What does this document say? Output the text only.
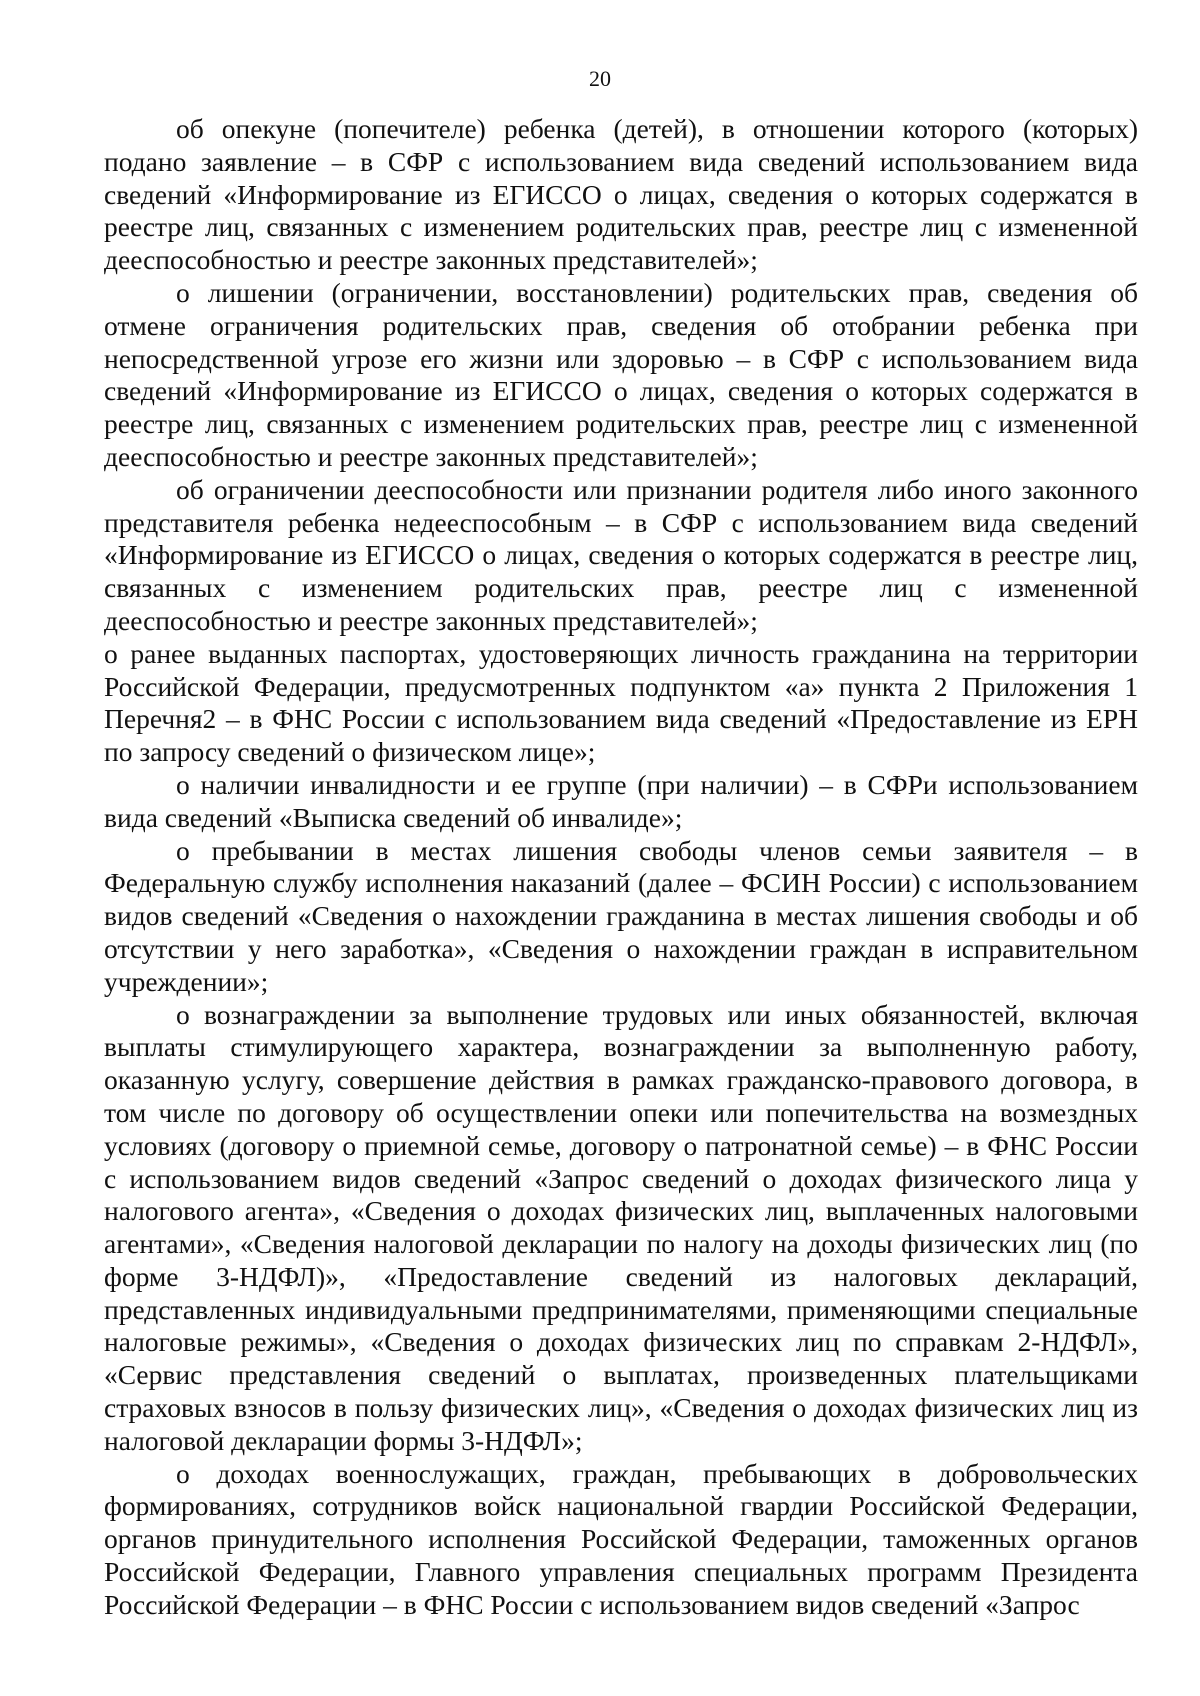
20

об опекуне (попечителе) ребенка (детей), в отношении которого (которых) подано заявление – в СФР с использованием вида сведений использованием вида сведений «Информирование из ЕГИССО о лицах, сведения о которых содержатся в реестре лиц, связанных с изменением родительских прав, реестре лиц с измененной дееспособностью и реестре законных представителей»;

о лишении (ограничении, восстановлении) родительских прав, сведения об отмене ограничения родительских прав, сведения об отобрании ребенка при непосредственной угрозе его жизни или здоровью – в СФР с использованием вида сведений «Информирование из ЕГИССО о лицах, сведения о которых содержатся в реестре лиц, связанных с изменением родительских прав, реестре лиц с измененной дееспособностью и реестре законных представителей»;

об ограничении дееспособности или признании родителя либо иного законного представителя ребенка недееспособным – в СФР с использованием вида сведений «Информирование из ЕГИССО о лицах, сведения о которых содержатся в реестре лиц, связанных с изменением родительских прав, реестре лиц с измененной дееспособностью и реестре законных представителей»;

о ранее выданных паспортах, удостоверяющих личность гражданина на территории Российской Федерации, предусмотренных подпунктом «а» пункта 2 Приложения 1 Перечня2 – в ФНС России с использованием вида сведений «Предоставление из ЕРН по запросу сведений о физическом лице»;

о наличии инвалидности и ее группе (при наличии) – в СФРи использованием вида сведений «Выписка сведений об инвалиде»;

о пребывании в местах лишения свободы членов семьи заявителя – в Федеральную службу исполнения наказаний (далее – ФСИН России) с использованием видов сведений «Сведения о нахождении гражданина в местах лишения свободы и об отсутствии у него заработка», «Сведения о нахождении граждан в исправительном учреждении»;

о вознаграждении за выполнение трудовых или иных обязанностей, включая выплаты стимулирующего характера, вознаграждении за выполненную работу, оказанную услугу, совершение действия в рамках гражданско-правового договора, в том числе по договору об осуществлении опеки или попечительства на возмездных условиях (договору о приемной семье, договору о патронатной семье) – в ФНС России с использованием видов сведений «Запрос сведений о доходах физического лица у налогового агента», «Сведения о доходах физических лиц, выплаченных налоговыми агентами», «Сведения налоговой декларации по налогу на доходы физических лиц (по форме 3-НДФЛ)», «Предоставление сведений из налоговых деклараций, представленных индивидуальными предпринимателями, применяющими специальные налоговые режимы», «Сведения о доходах физических лиц по справкам 2-НДФЛ», «Сервис представления сведений о выплатах, произведенных плательщиками страховых взносов в пользу физических лиц», «Сведения о доходах физических лиц из налоговой декларации формы 3-НДФЛ»;

о доходах военнослужащих, граждан, пребывающих в добровольческих формированиях, сотрудников войск национальной гвардии Российской Федерации, органов принудительного исполнения Российской Федерации, таможенных органов Российской Федерации, Главного управления специальных программ Президента Российской Федерации – в ФНС России с использованием видов сведений «Запрос
